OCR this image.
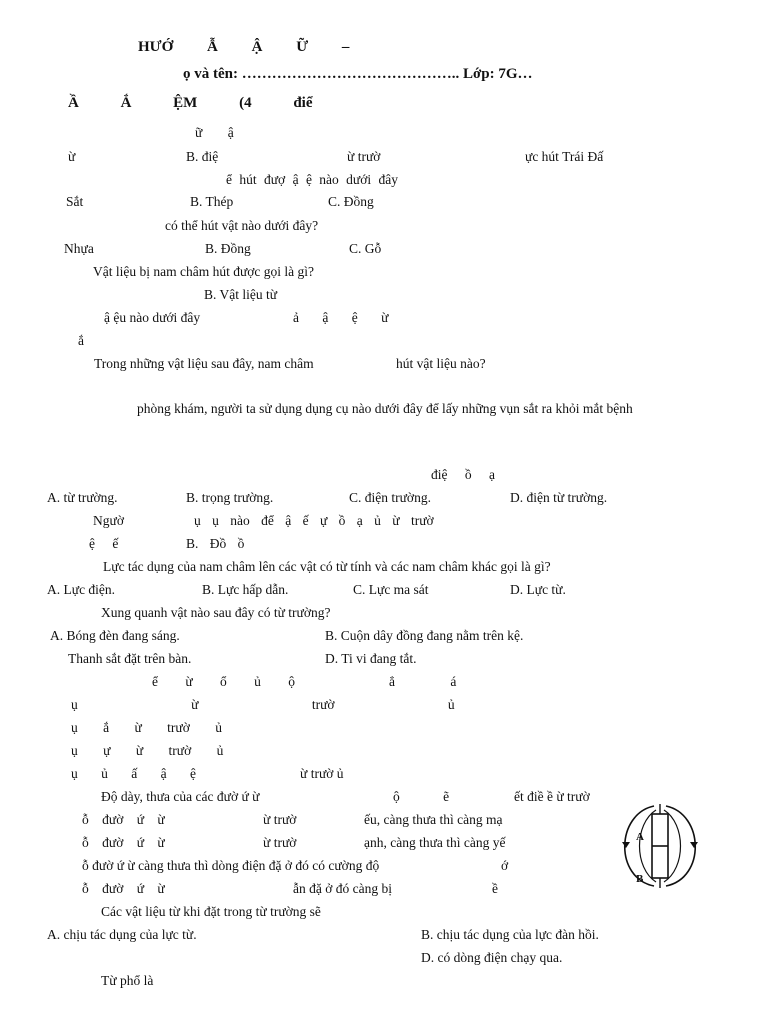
HƯỚ Ẫ Ậ Ữ –
ọ và tên: …………………………………….. Lớp: 7G…
Ầ Ắ ỆM (4 điể
ữ ậ
ừ	B. điệ	ừ trườ	ực hút Trái Đấ
ể hút đượ ậ ệ nào dưới đây
Sắt	B. Thép	C. Đồng
có thể hút vật nào dưới đây?
Nhựa	B. Đồng	C. Gỗ
Vật liệu bị nam châm hút được gọi là gì?
B. Vật liệu từ
ậ ệu nào dưới đây	ả ậ ệ ừ
ắ
Trong những vật liệu sau đây, nam châm	hút vật liệu nào?
phòng khám, người ta sử dụng dụng cụ nào dưới đây để lấy những vụn sắt ra khỏi mắt bệnh
điệ ồ ạ
A. từ trường.	B. trọng trường.	C. điện trường.	D. điện từ trường.
Ngườ	ụ ụ nào để ậ ế ự ồ ạ ủ ừ trườ
ệ ế	B. Đồ ồ
Lực tác dụng của nam châm lên các vật có từ tính và các nam châm khác gọi là gì?
A. Lực điện.	B. Lực hấp dẫn.	C. Lực ma sát	D. Lực từ.
Xung quanh vật nào sau đây có từ trường?
A. Bóng đèn đang sáng.	B. Cuộn dây đồng đang nằm trên kệ.
Thanh sắt đặt trên bàn.	D. Ti vi đang tắt.
ể ừ ổ ủ ộ	ẳ á
ụ ừ trườ ủ
ụ ắ ừ trườ ủ
ụ ự ừ trườ ủ
ụ ủ ấ ậ ệ	ừ trườ ủ
Độ dày, thưa của các đườ ứ ừ	ộ ẽ	ết điề ề ừ trườ
ỗ đườ ứ ừ	ừ trườ	ếu, càng thưa thì càng mạ
ỗ đườ ứ ừ	ừ trườ	ạnh, càng thưa thì càng yế
ỗ đườ ứ ừ càng thưa thì dòng điện đặ ở đó có cường độ	ớ
ỗ đườ ứ ừ	ẫn đặ ở đó càng bị	ề
Các vật liệu từ khi đặt trong từ trường sẽ
A. chịu tác dụng của lực từ.	B. chịu tác dụng của lực đàn hồi.
D. có dòng điện chạy qua.
Từ phổ là
A
B
